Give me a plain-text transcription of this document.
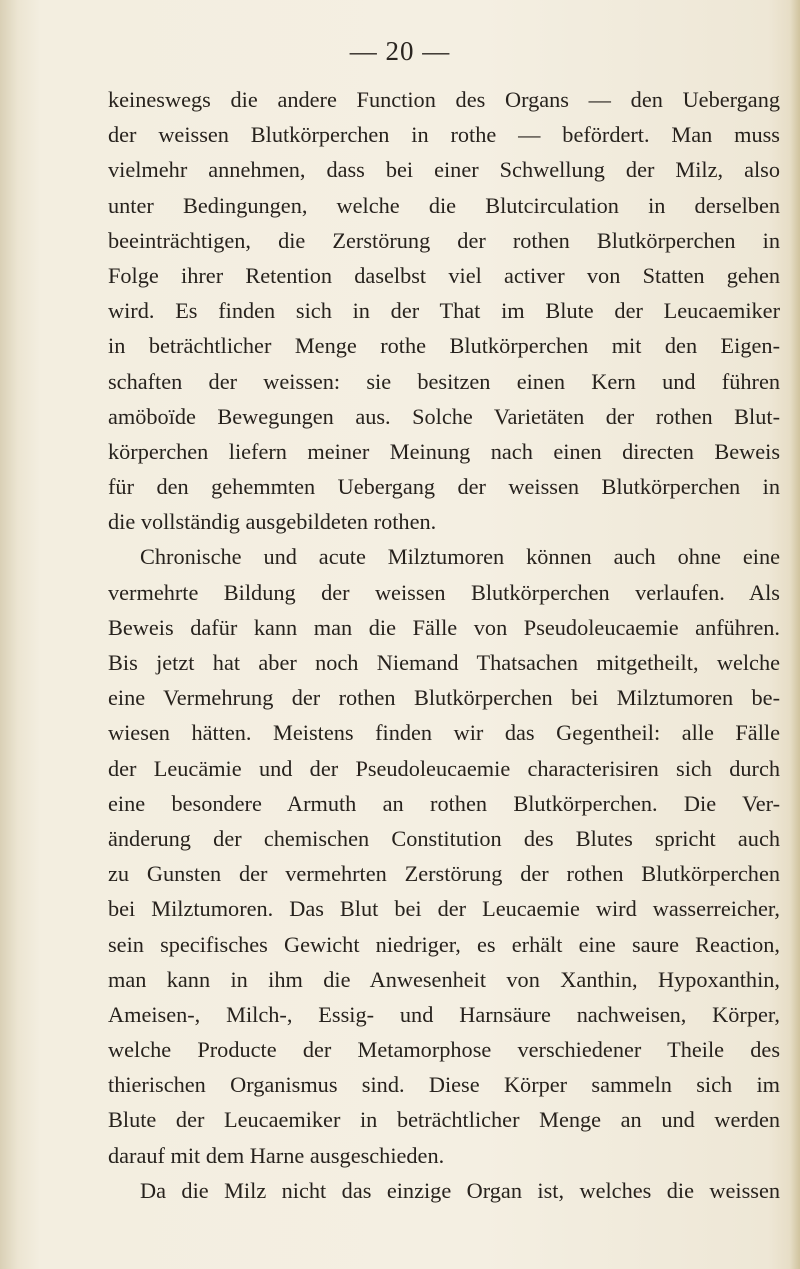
— 20 —
keineswegs die andere Function des Organs — den Uebergang
der weissen Blutkörperchen in rothe — befördert. Man muss
vielmehr annehmen, dass bei einer Schwellung der Milz, also
unter Bedingungen, welche die Blutcirculation in derselben
beeinträchtigen, die Zerstörung der rothen Blutkörperchen in
Folge ihrer Retention daselbst viel activer von Statten gehen
wird. Es finden sich in der That im Blute der Leucaemiker
in beträchtlicher Menge rothe Blutkörperchen mit den Eigen-
schaften der weissen: sie besitzen einen Kern und führen
amöboïde Bewegungen aus. Solche Varietäten der rothen Blut-
körperchen liefern meiner Meinung nach einen directen Beweis
für den gehemmten Uebergang der weissen Blutkörperchen in
die vollständig ausgebildeten rothen.
Chronische und acute Milztumoren können auch ohne eine
vermehrte Bildung der weissen Blutkörperchen verlaufen. Als
Beweis dafür kann man die Fälle von Pseudoleucaemie anführen.
Bis jetzt hat aber noch Niemand Thatsachen mitgetheilt, welche
eine Vermehrung der rothen Blutkörperchen bei Milztumoren be-
wiesen hätten. Meistens finden wir das Gegentheil: alle Fälle
der Leucämie und der Pseudoleucaemie characterisiren sich durch
eine besondere Armuth an rothen Blutkörperchen. Die Ver-
änderung der chemischen Constitution des Blutes spricht auch
zu Gunsten der vermehrten Zerstörung der rothen Blutkörperchen
bei Milztumoren. Das Blut bei der Leucaemie wird wasserreicher,
sein specifisches Gewicht niedriger, es erhält eine saure Reaction,
man kann in ihm die Anwesenheit von Xanthin, Hypoxanthin,
Ameisen-, Milch-, Essig- und Harnsäure nachweisen, Körper,
welche Producte der Metamorphose verschiedener Theile des
thierischen Organismus sind. Diese Körper sammeln sich im
Blute der Leucaemiker in beträchtlicher Menge an und werden
darauf mit dem Harne ausgeschieden.
Da die Milz nicht das einzige Organ ist, welches die weissen
